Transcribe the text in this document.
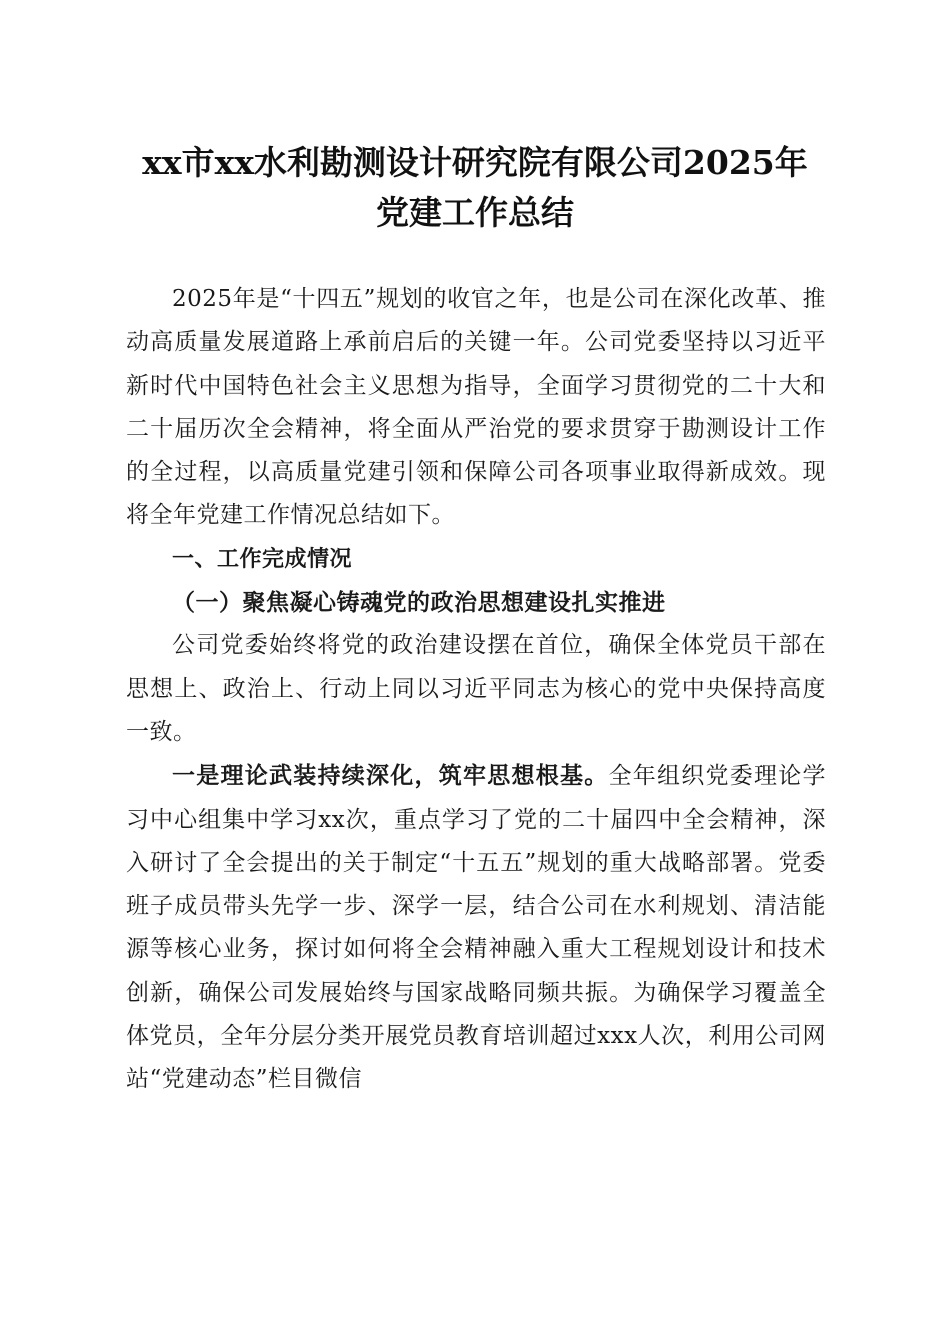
xx市xx水利勘测设计研究院有限公司2025年
党建工作总结

2025年是“十四五”规划的收官之年，也是公司在深化改革、推动高质量发展道路上承前启后的关键一年。公司党委坚持以习近平新时代中国特色社会主义思想为指导，全面学习贯彻党的二十大和二十届历次全会精神，将全面从严治党的要求贯穿于勘测设计工作的全过程，以高质量党建引领和保障公司各项事业取得新成效。现将全年党建工作情况总结如下。

一、工作完成情况

（一）聚焦凝心铸魂党的政治思想建设扎实推进

公司党委始终将党的政治建设摆在首位，确保全体党员干部在思想上、政治上、行动上同以习近平同志为核心的党中央保持高度一致。

一是理论武装持续深化，筑牢思想根基。全年组织党委理论学习中心组集中学习xx次，重点学习了党的二十届四中全会精神，深入研讨了全会提出的关于制定“十五五”规划的重大战略部署。党委班子成员带头先学一步、深学一层，结合公司在水利规划、清洁能源等核心业务，探讨如何将全会精神融入重大工程规划设计和技术创新，确保公司发展始终与国家战略同频共振。为确保学习覆盖全体党员，全年分层分类开展党员教育培训超过xxx人次，利用公司网站“党建动态”栏目微信
